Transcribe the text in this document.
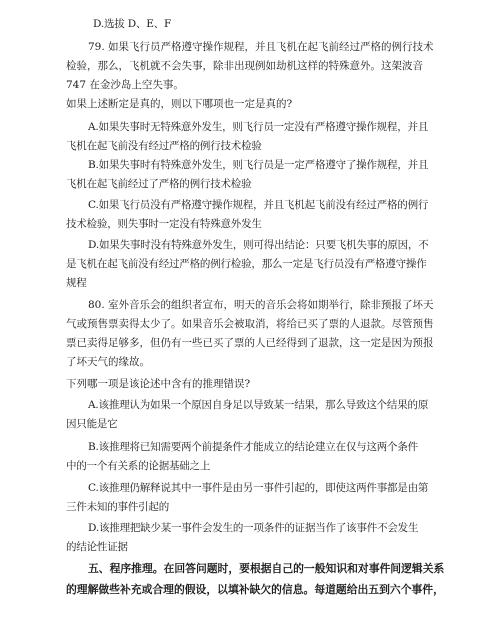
D.选拔 D、E、F
79. 如果飞行员严格遵守操作规程，并且飞机在起飞前经过严格的例行技术
检验，那么，飞机就不会失事，除非出现例如劫机这样的特殊意外。这架波音
747 在金沙岛上空失事。
如果上述断定是真的，则以下哪项也一定是真的?
A.如果失事时无特殊意外发生，则飞行员一定没有严格遵守操作规程，并且
飞机在起飞前没有经过严格的例行技术检验
B.如果失事时有特殊意外发生，则飞行员是一定严格遵守了操作规程，并且
飞机在起飞前经过了严格的例行技术检验
C.如果飞行员没有严格遵守操作规程，并且飞机起飞前没有经过严格的例行
技术检验，则失事时一定没有特殊意外发生
D.如果失事时没有特殊意外发生，则可得出结论：只要飞机失事的原因，不
是飞机在起飞前没有经过严格的例行检验，那么一定是飞行员没有严格遵守操作
规程
80. 室外音乐会的组织者宣布，明天的音乐会将如期举行，除非预报了坏天
气或预售票卖得太少了。如果音乐会被取消，将给已买了票的人退款。尽管预售
票已卖得足够多，但仍有一些已买了票的人已经得到了退款，这一定是因为预报
了坏天气的缘故。
下列哪一项是该论述中含有的推理错误?
A.该推理认为如果一个原因自身足以导致某一结果，那么导致这个结果的原
因只能是它
B.该推理将已知需要两个前提条件才能成立的结论建立在仅与这两个条件
中的一个有关系的论据基础之上
C.该推理仍解释说其中一事件是由另一事件引起的，即使这两件事都是由第
三件未知的事件引起的
D.该推理把缺少某一事件会发生的一项条件的证据当作了该事件不会发生
的结论性证据
五、程序推理。在回答问题时，要根据自己的一般知识和对事件间逻辑关系
的理解做些补充或合理的假设，以填补缺欠的信息。每道题给出五到六个事件，
